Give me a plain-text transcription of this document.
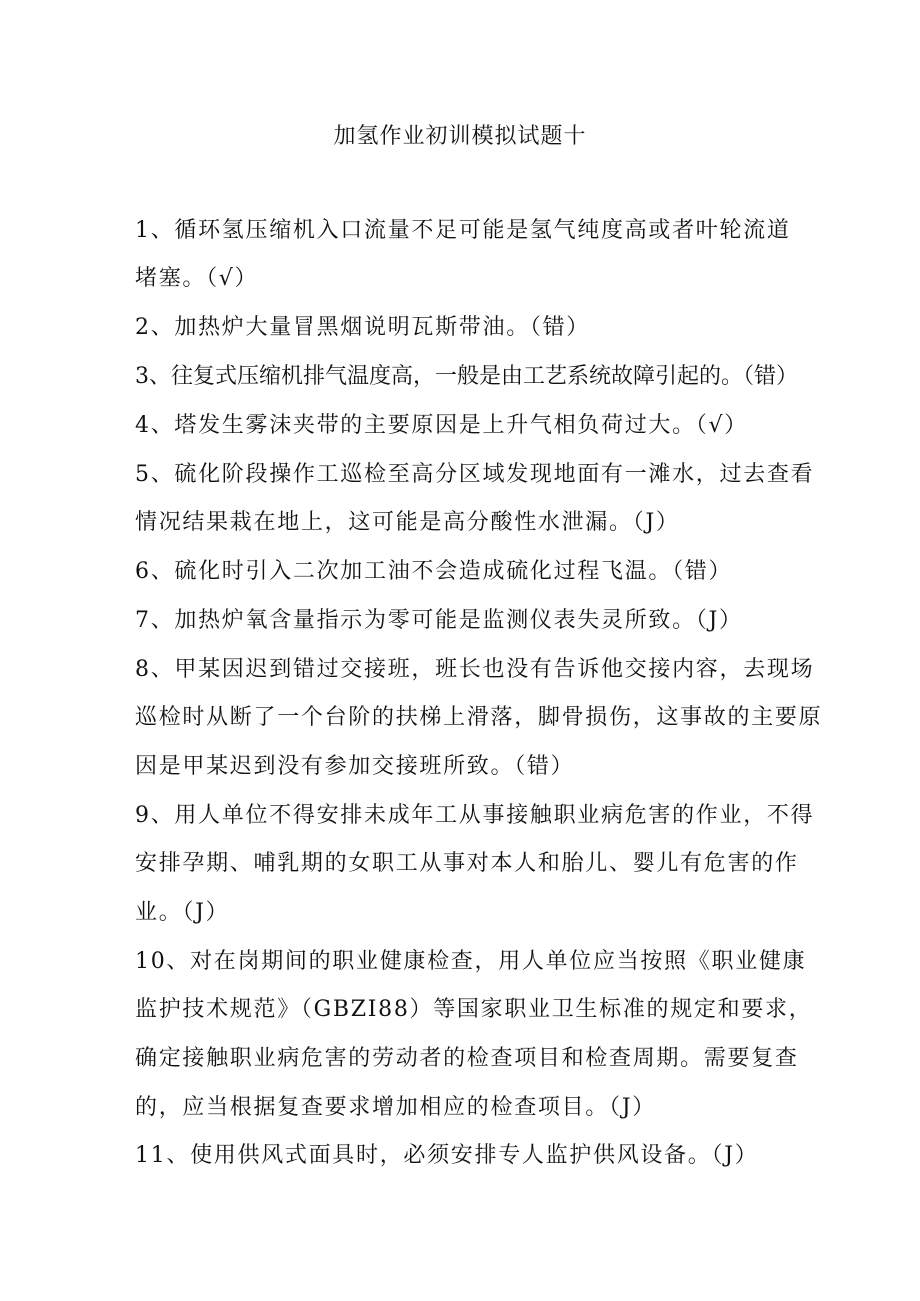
加氢作业初训模拟试题十
1、循环氢压缩机入口流量不足可能是氢气纯度高或者叶轮流道
堵塞。（√）
2、加热炉大量冒黑烟说明瓦斯带油。（错）
3、往复式压缩机排气温度高，一般是由工艺系统故障引起的。（错）
4、塔发生雾沫夹带的主要原因是上升气相负荷过大。（√）
5、硫化阶段操作工巡检至高分区域发现地面有一滩水，过去查看
情况结果栽在地上，这可能是高分酸性水泄漏。（J）
6、硫化时引入二次加工油不会造成硫化过程飞温。（错）
7、加热炉氧含量指示为零可能是监测仪表失灵所致。（J）
8、甲某因迟到错过交接班，班长也没有告诉他交接内容，去现场
巡检时从断了一个台阶的扶梯上滑落，脚骨损伤，这事故的主要原
因是甲某迟到没有参加交接班所致。（错）
9、用人单位不得安排未成年工从事接触职业病危害的作业，不得
安排孕期、哺乳期的女职工从事对本人和胎儿、婴儿有危害的作
业。（J）
10、对在岗期间的职业健康检查，用人单位应当按照《职业健康
监护技术规范》（GBZI88）等国家职业卫生标准的规定和要求，
确定接触职业病危害的劳动者的检查项目和检查周期。需要复查
的，应当根据复查要求增加相应的检查项目。（J）
11、使用供风式面具时，必须安排专人监护供风设备。（J）
